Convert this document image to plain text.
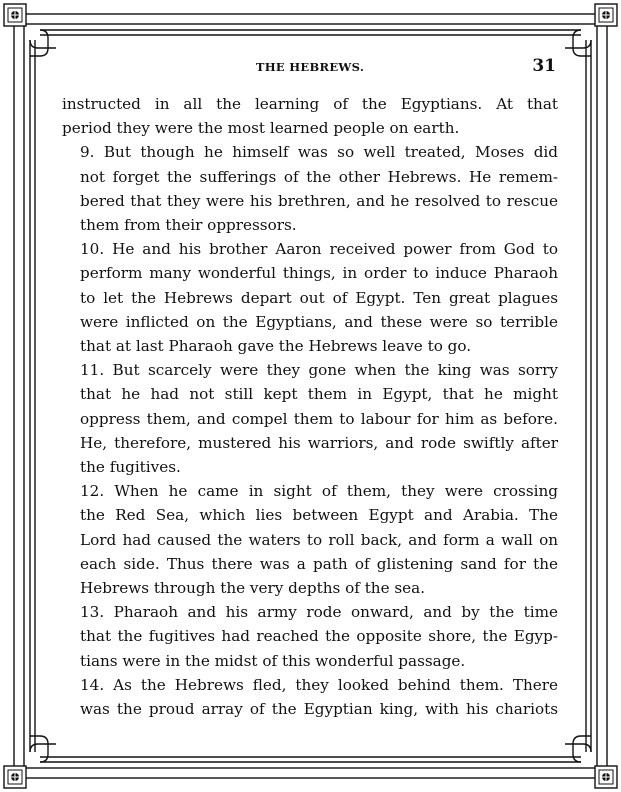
THE HEBREWS.	31

instructed in all the learning of the Egyptians. At that
period they were the most learned people on earth.

9. But though he himself was so well treated, Moses did
not forget the sufferings of the other Hebrews. He remem-
bered that they were his brethren, and he resolved to rescue
them from their oppressors.

10. He and his brother Aaron received power from God to
perform many wonderful things, in order to induce Pharaoh
to let the Hebrews depart out of Egypt. Ten great plagues
were inflicted on the Egyptians, and these were so terrible
that at last Pharaoh gave the Hebrews leave to go.

11. But scarcely were they gone when the king was sorry
that he had not still kept them in Egypt, that he might
oppress them, and compel them to labour for him as before.
He, therefore, mustered his warriors, and rode swiftly after
the fugitives.

12. When he came in sight of them, they were crossing
the Red Sea, which lies between Egypt and Arabia. The
Lord had caused the waters to roll back, and form a wall on
each side. Thus there was a path of glistening sand for the
Hebrews through the very depths of the sea.

13. Pharaoh and his army rode onward, and by the time
that the fugitives had reached the opposite shore, the Egyp-
tians were in the midst of this wonderful passage.

14. As the Hebrews fled, they looked behind them. There
was the proud array of the Egyptian king, with his chariots
